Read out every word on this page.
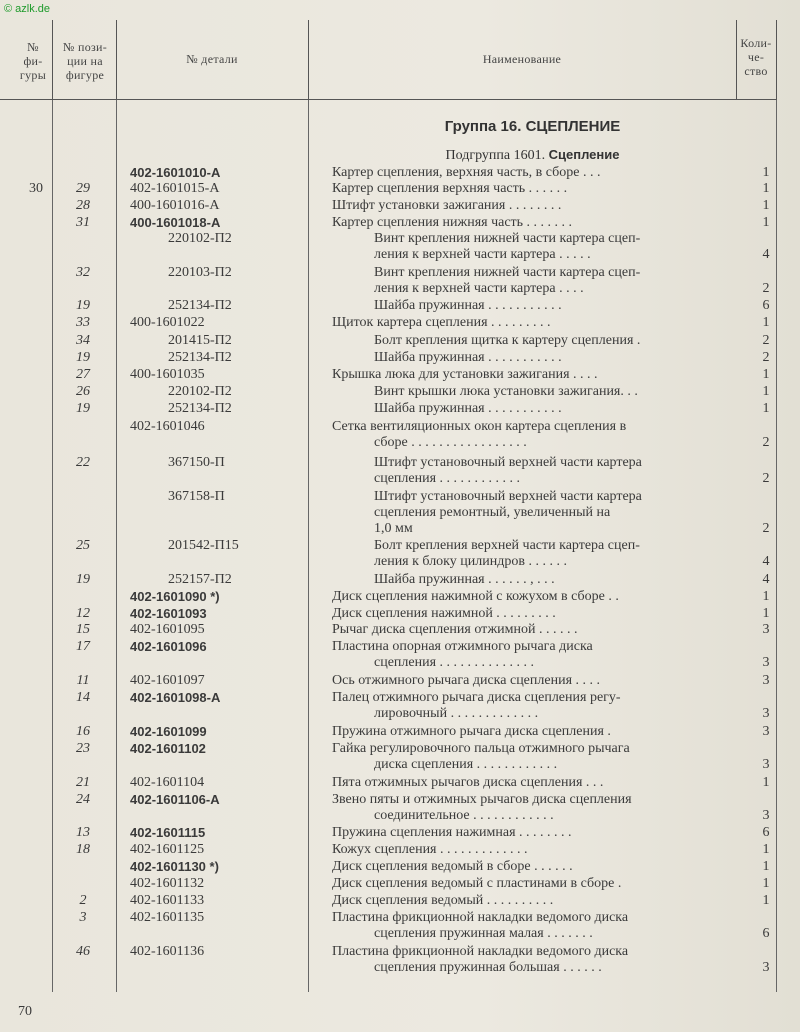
© azlk.de
№
фи-
гуры
№ пози-
ции на
фигуре
№ детали	Наименование
Коли-
че-
ство
Группа 16. СЦЕПЛЕНИЕ
Подгруппа 1601. Сцепление
402-1601010-А	Картер сцепления, верхняя часть, в сборе . . .	1
30	29	402-1601015-А	Картер сцепления верхняя часть . . . . . .	1
28	400-1601016-А	Штифт установки зажигания . . . . . . . .	1
31	400-1601018-А	Картер сцепления нижняя часть . . . . . . .	1
220102-П2	Винт крепления нижней части картера сцеп-
ления к верхней части картера . . . . .	4
32	220103-П2	Винт крепления нижней части картера сцеп-
ления к верхней части картера . . . .	2
19	252134-П2	Шайба пружинная . . . . . . . . . . .	6
33	400-1601022	Щиток картера сцепления . . . . . . . . .	1
34	201415-П2	Болт крепления щитка к картеру сцепления .	2
19	252134-П2	Шайба пружинная . . . . . . . . . . .	2
27	400-1601035	Крышка люка для установки зажигания . . . .	1
26	220102-П2	Винт крышки люка установки зажигания. . .	1
19	252134-П2	Шайба пружинная . . . . . . . . . . .	1
402-1601046	Сетка вентиляционных окон картера сцепления в
сборе . . . . . . . . . . . . . . . . .	2
22	367150-П	Штифт установочный верхней части картера
сцепления . . . . . . . . . . . .	2
367158-П	Штифт установочный верхней части картера
сцепления ремонтный, увеличенный на
1,0 мм	2
25	201542-П15	Болт крепления верхней части картера сцеп-
ления к блоку цилиндров . . . . . .	4
19	252157-П2	Шайба пружинная . . . . . . , . . .	4
402-1601090 *)	Диск сцепления нажимной с кожухом в сборе . .	1
12	402-1601093	Диск сцепления нажимной . . . . . . . . .	1
15	402-1601095	Рычаг диска сцепления отжимной . . . . . .	3
17	402-1601096	Пластина опорная отжимного рычага диска
сцепления . . . . . . . . . . . . . .	3
11	402-1601097	Ось отжимного рычага диска сцепления . . . .	3
14	402-1601098-А	Палец отжимного рычага диска сцепления регу-
лировочный . . . . . . . . . . . . .	3
16	402-1601099	Пружина отжимного рычага диска сцепления .	3
23	402-1601102	Гайка регулировочного пальца отжимного рычага
диска сцепления . . . . . . . . . . . .	3
21	402-1601104	Пята отжимных рычагов диска сцепления . . .	1
24	402-1601106-А	Звено пяты и отжимных рычагов диска сцепления
соединительное . . . . . . . . . . . .	3
13	402-1601115	Пружина сцепления нажимная . . . . . . . .	6
18	402-1601125	Кожух сцепления . . . . . . . . . . . . .	1
402-1601130 *)	Диск сцепления ведомый в сборе . . . . . .	1
402-1601132	Диск сцепления ведомый с пластинами в сборе .	1
2	402-1601133	Диск сцепления ведомый . . . . . . . . . .	1
3	402-1601135	Пластина фрикционной накладки ведомого диска
сцепления пружинная малая . . . . . . .	6
46	402-1601136	Пластина фрикционной накладки ведомого диска
сцепления пружинная большая . . . . . .	3
70
